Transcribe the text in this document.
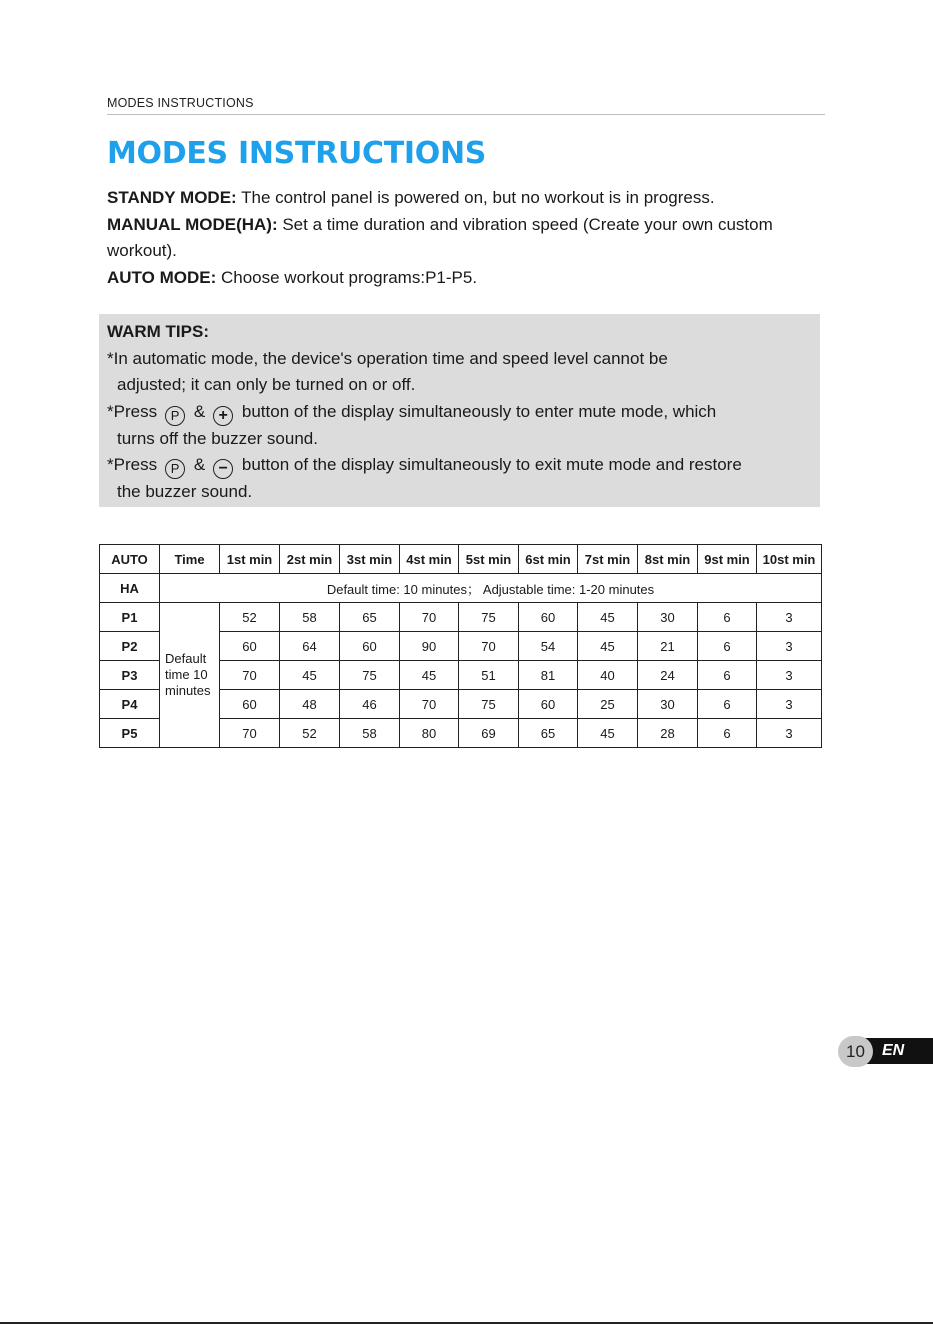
MODES INSTRUCTIONS
MODES INSTRUCTIONS

STANDY MODE: The control panel is powered on, but no workout is in progress.

MANUAL MODE(HA): Set a time duration and vibration speed (Create your own custom workout).

AUTO MODE: Choose workout programs:P1-P5.

WARM TIPS:

*In automatic mode, the device's operation time and speed level cannot be

adjusted; it can only be turned on or off.

*Press P & + button of the display simultaneously to enter mute mode, which

turns off the buzzer sound.

*Press P & − button of the display simultaneously to exit mute mode and restore

the buzzer sound.

AUTO	Time	1st min	2st min	3st min	4st min	5st min	6st min	7st min	8st min	9st min	10st min
HA	Default time: 10 minutes； Adjustable time: 1-20 minutes										
P1	Default time 10 minutes	52	58	65	70	75	60	45	30	6	3
P2		60	64	60	90	70	54	45	21	6	3
P3		70	45	75	45	51	81	40	24	6	3
P4		60	48	46	70	75	60	25	30	6	3
P5		70	52	58	80	69	65	45	28	6	3
10	EN
